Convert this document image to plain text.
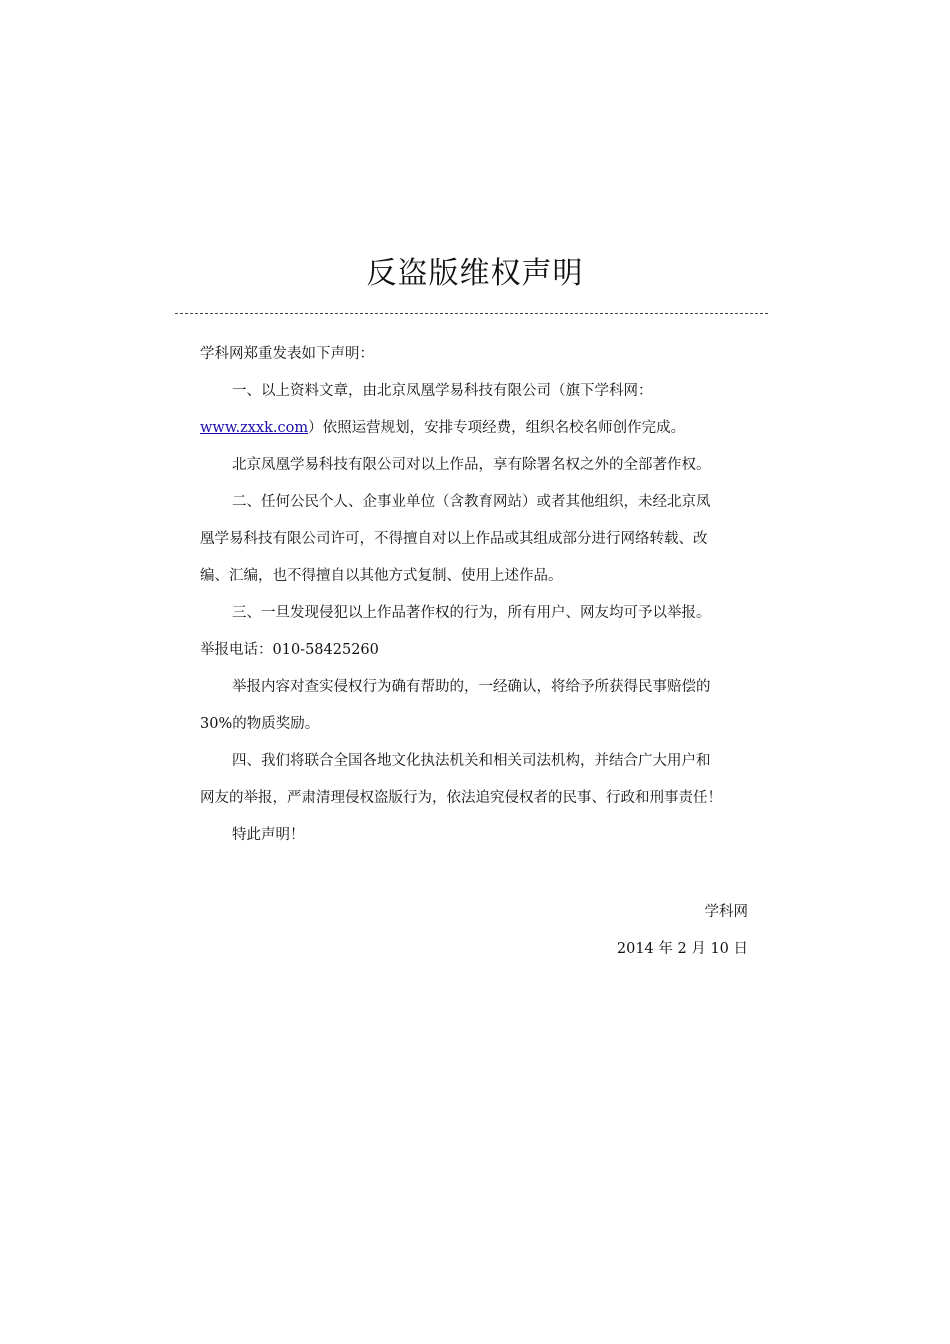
反盗版维权声明
学科网郑重发表如下声明：
一、以上资料文章，由北京凤凰学易科技有限公司（旗下学科网：
www.zxxk.com）依照运营规划，安排专项经费，组织名校名师创作完成。
北京凤凰学易科技有限公司对以上作品，享有除署名权之外的全部著作权。
二、任何公民个人、企事业单位（含教育网站）或者其他组织，未经北京凤
凰学易科技有限公司许可，不得擅自对以上作品或其组成部分进行网络转载、改
编、汇编，也不得擅自以其他方式复制、使用上述作品。
三、一旦发现侵犯以上作品著作权的行为，所有用户、网友均可予以举报。
举报电话：010-58425260
举报内容对查实侵权行为确有帮助的，一经确认，将给予所获得民事赔偿的
30%的物质奖励。
四、我们将联合全国各地文化执法机关和相关司法机构，并结合广大用户和
网友的举报，严肃清理侵权盗版行为，依法追究侵权者的民事、行政和刑事责任！
特此声明！
学科网
2014 年 2 月 10 日
